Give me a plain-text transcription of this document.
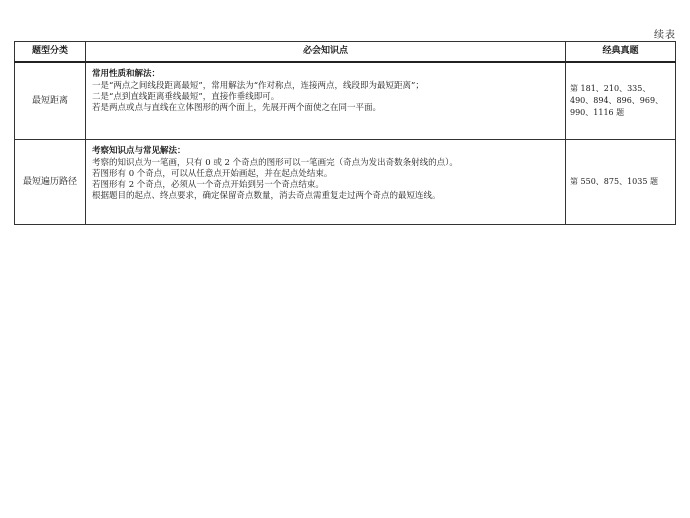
续表
题型分类	必会知识点	经典真题
最短距离	常用性质和解法：
一是“两点之间线段距离最短”，常用解法为“作对称点，连接两点，线段即为最短距离”；
二是“点到直线距离垂线最短”，直接作垂线即可。
若是两点或点与直线在立体图形的两个面上，先展开两个面使之在同一平面。	第 181、210、335、490、894、896、969、990、1116 题
最短遍历路径	考察知识点与常见解法：
考察的知识点为一笔画，只有 0 或 2 个奇点的图形可以一笔画完（奇点为发出奇数条射线的点）。
若图形有 0 个奇点，可以从任意点开始画起，并在起点处结束。
若图形有 2 个奇点，必须从一个奇点开始到另一个奇点结束。
根据题目的起点、终点要求，确定保留奇点数量，消去奇点需重复走过两个奇点的最短连线。	第 550、875、1035 题
